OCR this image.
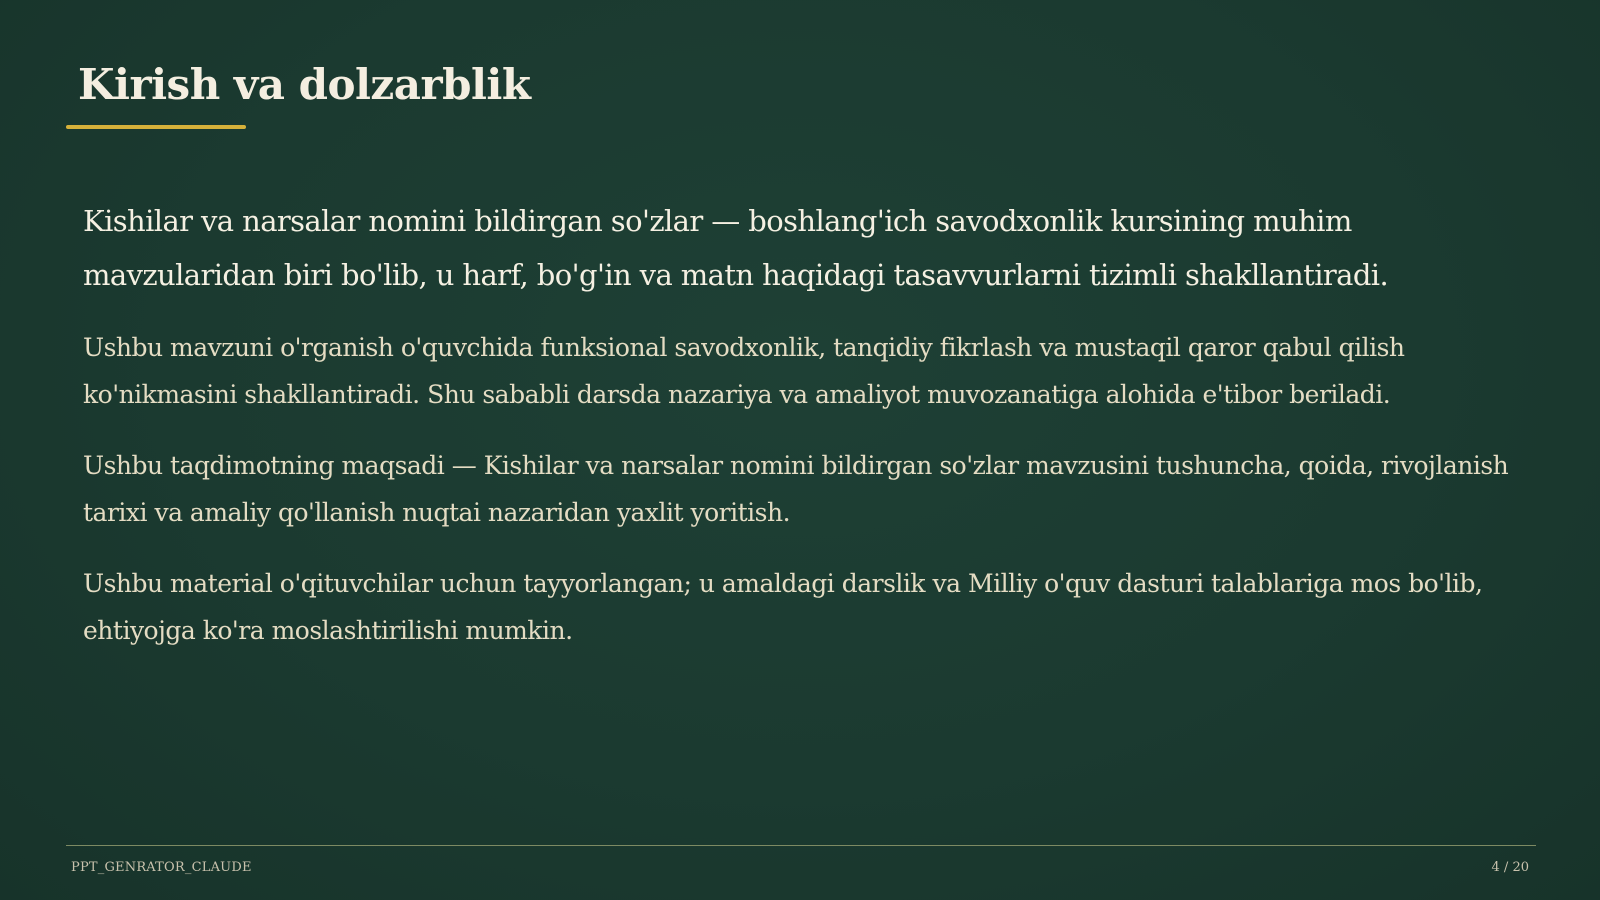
Kirish va dolzarblik

Kishilar va narsalar nomini bildirgan so'zlar — boshlang'ich savodxonlik kursining muhim mavzularidan biri bo'lib, u harf, bo'g'in va matn haqidagi tasavvurlarni tizimli shakllantiradi.

Ushbu mavzuni o'rganish o'quvchida funksional savodxonlik, tanqidiy fikrlash va mustaqil qaror qabul qilish ko'nikmasini shakllantiradi. Shu sababli darsda nazariya va amaliyot muvozanatiga alohida e'tibor beriladi.

Ushbu taqdimotning maqsadi — Kishilar va narsalar nomini bildirgan so'zlar mavzusini tushuncha, qoida, rivojlanish tarixi va amaliy qo'llanish nuqtai nazaridan yaxlit yoritish.

Ushbu material o'qituvchilar uchun tayyorlangan; u amaldagi darslik va Milliy o'quv dasturi talablariga mos bo'lib, ehtiyojga ko'ra moslashtirilishi mumkin.

PPT_GENRATOR_CLAUDE	4 / 20
